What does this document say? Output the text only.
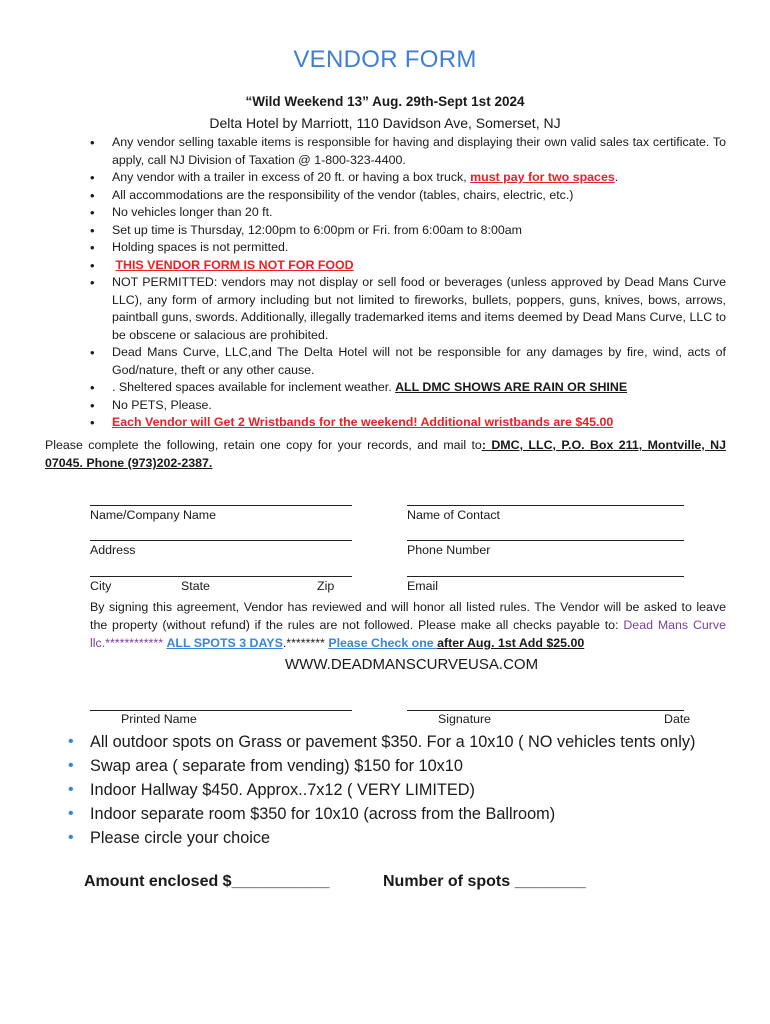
VENDOR FORM
“Wild Weekend 13” Aug. 29th-Sept 1st 2024
Delta Hotel by Marriott, 110 Davidson Ave, Somerset, NJ
• Any vendor selling taxable items is responsible for having and displaying their own valid sales tax certificate. To apply, call NJ Division of Taxation @ 1-800-323-4400.
• Any vendor with a trailer in excess of 20 ft. or having a box truck, must pay for two spaces.
• All accommodations are the responsibility of the vendor (tables, chairs, electric, etc.)
• No vehicles longer than 20 ft.
• Set up time is Thursday, 12:00pm to 6:00pm or Fri. from 6:00am to 8:00am
• Holding spaces is not permitted.
• THIS VENDOR FORM IS NOT FOR FOOD
• NOT PERMITTED: vendors may not display or sell food or beverages (unless approved by Dead Mans Curve LLC), any form of armory including but not limited to fireworks, bullets, poppers, guns, knives, bows, arrows, paintball guns, swords. Additionally, illegally trademarked items and items deemed by Dead Mans Curve, LLC to be obscene or salacious are prohibited.
• Dead Mans Curve, LLC,and The Delta Hotel will not be responsible for any damages by fire, wind, acts of God/nature, theft or any other cause.
• . Sheltered spaces available for inclement weather. ALL DMC SHOWS ARE RAIN OR SHINE
• No PETS, Please.
• Each Vendor will Get 2 Wristbands for the weekend! Additional wristbands are $45.00
Please complete the following, retain one copy for your records, and mail to: DMC, LLC, P.O. Box 211, Montville, NJ 07045. Phone (973)202-2387.
Name/Company Name	Name of Contact
Address	Phone Number
City	State	Zip	Email
By signing this agreement, Vendor has reviewed and will honor all listed rules. The Vendor will be asked to leave the property (without refund) if the rules are not followed. Please make all checks payable to: Dead Mans Curve llc.************ ALL SPOTS 3 DAYS.******** Please Check one after Aug. 1st Add $25.00
WWW.DEADMANSCURVEUSA.COM
Printed Name	Signature	Date
• All outdoor spots on Grass or pavement $350. For a 10x10 ( NO vehicles tents only)
• Swap area ( separate from vending) $150 for 10x10
• Indoor Hallway $450. Approx..7x12 ( VERY LIMITED)
• Indoor separate room $350 for 10x10 (across from the Ballroom)
• Please circle your choice
Amount enclosed $___________	Number of spots ________
